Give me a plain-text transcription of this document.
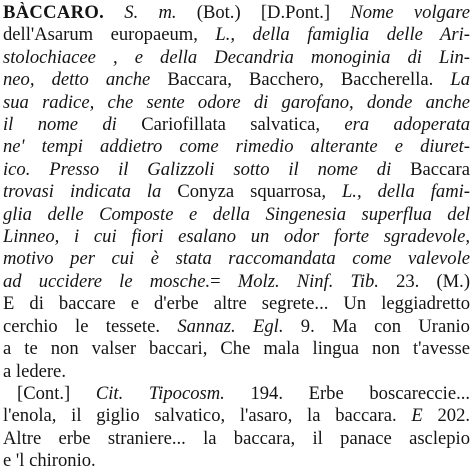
BÀCCARO. S. m. (Bot.) [D.Pont.] Nome volgare
dell'Asarum europaeum, L., della famiglia delle Ari-
stolochiacee , e della Decandria monoginia di Lin-
neo, detto anche Baccara, Bacchero, Baccherella. La
sua radice, che sente odore di garofano, donde anche
il nome di Cariofillata salvatica, era adoperata
ne' tempi addietro come rimedio alterante e diuret-
ico. Presso il Galizzoli sotto il nome di Baccara
trovasi indicata la Conyza squarrosa, L., della fami-
glia delle Composte e della Singenesia superflua del
Linneo, i cui fiori esalano un odor forte sgradevole,
motivo per cui è stata raccomandata come valevole
ad uccidere le mosche.= Molz. Ninf. Tib. 23. (M.)
E di baccare e d'erbe altre segrete... Un leggiadretto
cerchio le tessete. Sannaz. Egl. 9. Ma con Uranio
a te non valser baccari, Che mala lingua non t'avesse
a ledere.
[Cont.] Cit. Tipocosm. 194. Erbe boscareccie...
l'enola, il giglio salvatico, l'asaro, la baccara. E 202.
Altre erbe straniere... la baccara, il panace asclepio
e 'l chironio.
